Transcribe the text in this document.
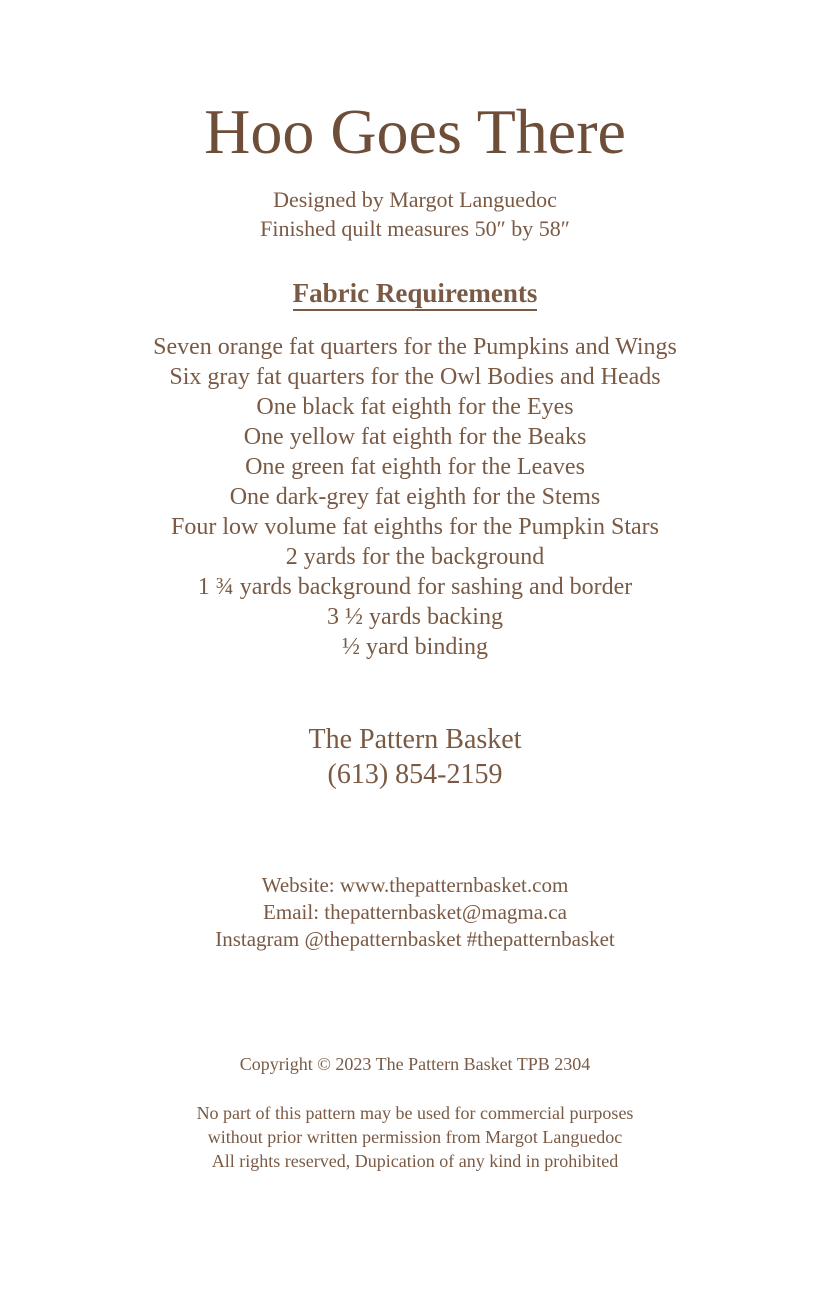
Hoo Goes There
Designed by Margot Languedoc
Finished quilt measures 50″ by 58″
Fabric Requirements
Seven orange fat quarters for the Pumpkins and Wings
Six gray fat quarters for the Owl Bodies and Heads
One black fat eighth for the Eyes
One yellow fat eighth for the Beaks
One green fat eighth for the Leaves
One dark-grey fat eighth for the Stems
Four low volume fat eighths for the Pumpkin Stars
2 yards for the background
1 ¾ yards background for sashing and border
3 ½ yards backing
½ yard binding
The Pattern Basket
(613) 854-2159
Website: www.thepatternbasket.com
Email: thepatternbasket@magma.ca
Instagram @thepatternbasket #thepatternbasket
Copyright © 2023 The Pattern Basket TPB 2304
No part of this pattern may be used for commercial purposes
without prior written permission from Margot Languedoc
All rights reserved, Dupication of any kind in prohibited
